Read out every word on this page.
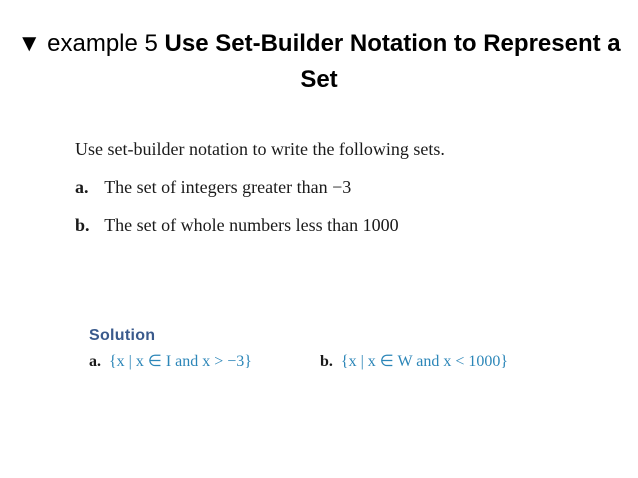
▼ example 5 Use Set-Builder Notation to Represent a Set
Use set-builder notation to write the following sets.
a. The set of integers greater than −3
b. The set of whole numbers less than 1000
Solution
a. {x | x ∈ I and x > −3}	b. {x | x ∈ W and x < 1000}
